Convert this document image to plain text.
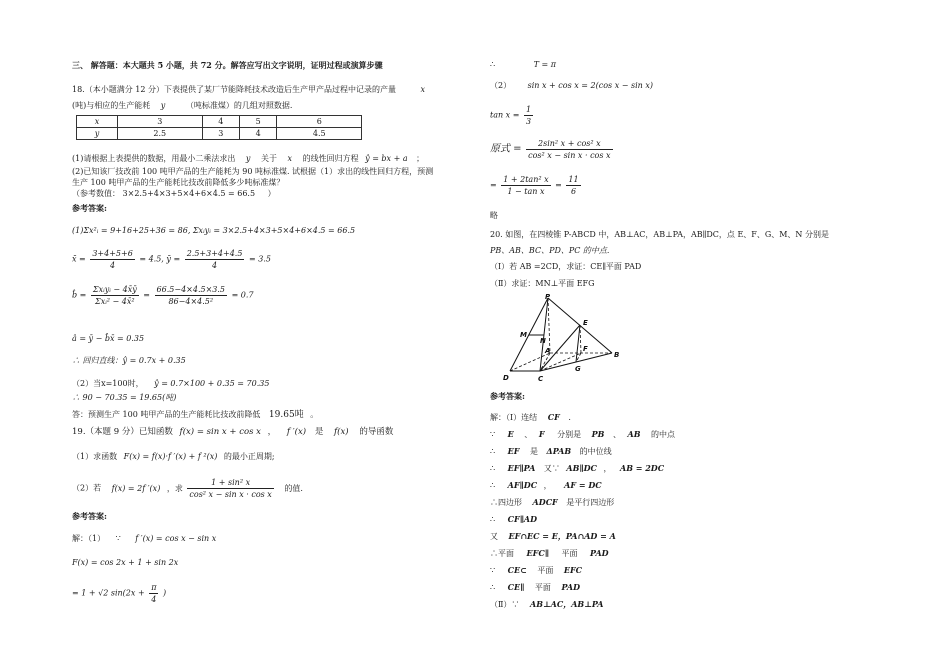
三、 解答题：本大题共 5 小题，共 72 分。解答应写出文字说明，证明过程或演算步骤
18.（本小题满分 12 分）下表提供了某厂节能降耗技术改造后生产甲产品过程中记录的产量	x
(吨)与相应的生产能耗 y	（吨标准煤）的几组对照数据.
x	3	4	5	6
y	2.5	3	4	4.5
(1)请根据上表提供的数据，用最小二乘法求出 y 关于 x 的线性回归方程 ŷ = bx + a ；
(2)已知该厂技改前 100 吨甲产品的生产能耗为 90 吨标准煤. 试根据（1）求出的线性回归方程，预测
生产 100 吨甲产品的生产能耗比技改前降低多少吨标准煤？
（参考数值： 3×2.5+4×3+5×4+6×4.5 = 66.5 ）
参考答案:
(1)Σx²ᵢ = 9+16+25+36 = 86, Σxᵢyᵢ = 3×2.5+4×3+5×4+6×4.5 = 66.5
x̄ = $\frac{3+4+5+6}{4} = 4.5$, ȳ = $\frac{2.5+3+4+4.5}{4} = 3.5$
b̂ = $\frac{\text{Σxᵢyᵢ − 4x̄ȳ}}{\text{Σxᵢ² − 4x̄²}} = \frac{66.5-4\times 4.5\times 3.5}{\text{86−4×4.5²}} = 0.7$
â = ȳ − b̂x̄ = 0.35
∴ 回归直线：ŷ = 0.7x + 0.35
（2）当x=100时， ŷ = 0.7×100 + 0.35 = 70.35
∴ 90 − 70.35 = 19.65(吨)
答：预测生产 100 吨甲产品的生产能耗比技改前降低 19.65吨 。
19.（本题 9 分）已知函数 f(x) = sin x + cos x ， f ′(x) 是 f(x) 的导函数
（1）求函数 F(x) = f(x)·f ′(x) + f ²(x) 的最小正周期;
（2）若 f(x) = 2f ′(x) ，求 $\frac{\text{1 + sin² x}}{\text{cos² x − sin x · cos x}}$ 的值.
参考答案:
解：（1） ∵ f ′(x) = cos x − sin x
F(x) = cos 2x + 1 + sin 2x
= 1 + √2 $\sin(2x + \frac{\pi}{4}$ )
∴	T = π
（2） sin x + cos x = 2(cos x − sin x)
$\tan x = \frac{1}{3}$
原式 = $\frac{\text{2sin² x + cos² x}}{\text{cos² x − sin x · cos x}}$
= $\frac{\text{1 + 2tan² x}}{\text{1 − tan x}} = \frac{11}{6}$
略
20. 如图，在四棱锥 P-ABCD 中，AB⊥AC，AB⊥PA，AB∥DC，点 E、F、G、M、N 分别是
PB、AB、BC、PD、PC 的中点.
（Ⅰ）若 AB =2CD，求证：CE∥平面 PAD
（Ⅱ）求证：MN⊥平面 EFG
P
M
N
E
A	F
B
G
D	C
参考答案:
解：（Ⅰ）连结 CF .
∵ E 、 F 分别是 PB 、 AB 的中点
∴ EF 是 ΔPAB 的中位线
∴ EF∥PA 又∵ AB∥DC ， AB = 2DC
∴ AF∥DC ， AF = DC
∴四边形 ADCF 是平行四边形
∴ CF∥AD
又 EF∩EC = E，PA∩AD = A
∴平面 EFC∥ 平面 PAD
∵ CE⊂ 平面 EFC
∴ CE∥ 平面 PAD
（Ⅱ）∵ AB⊥AC，AB⊥PA
